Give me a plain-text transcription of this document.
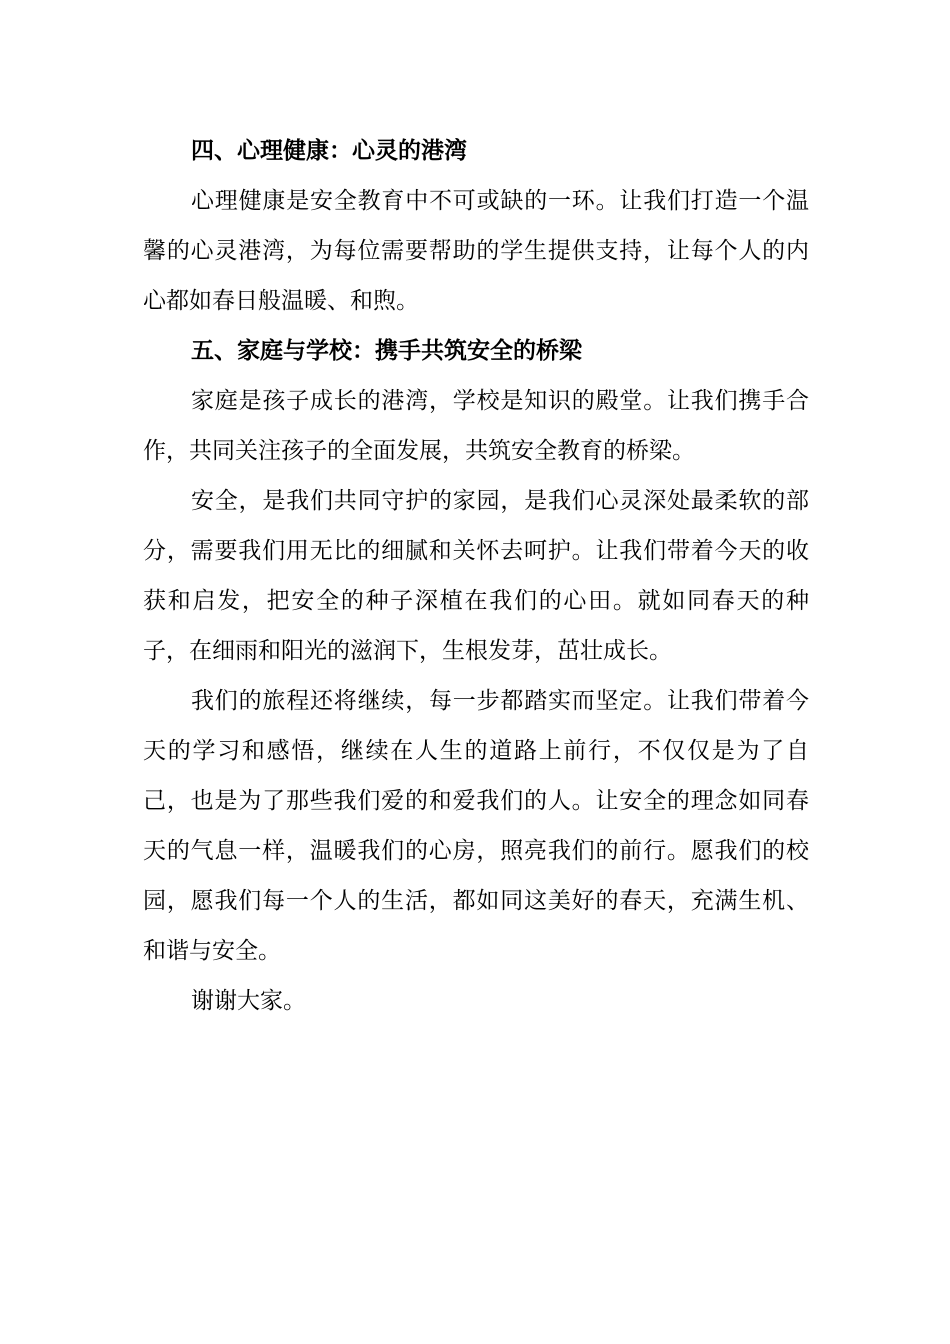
四、心理健康：心灵的港湾

心理健康是安全教育中不可或缺的一环。让我们打造一个温馨的心灵港湾，为每位需要帮助的学生提供支持，让每个人的内心都如春日般温暖、和煦。

五、家庭与学校：携手共筑安全的桥梁

家庭是孩子成长的港湾，学校是知识的殿堂。让我们携手合作，共同关注孩子的全面发展，共筑安全教育的桥梁。

安全，是我们共同守护的家园，是我们心灵深处最柔软的部分，需要我们用无比的细腻和关怀去呵护。让我们带着今天的收获和启发，把安全的种子深植在我们的心田。就如同春天的种子，在细雨和阳光的滋润下，生根发芽，茁壮成长。

我们的旅程还将继续，每一步都踏实而坚定。让我们带着今天的学习和感悟，继续在人生的道路上前行，不仅仅是为了自己，也是为了那些我们爱的和爱我们的人。让安全的理念如同春天的气息一样，温暖我们的心房，照亮我们的前行。愿我们的校园，愿我们每一个人的生活，都如同这美好的春天，充满生机、和谐与安全。

谢谢大家。
